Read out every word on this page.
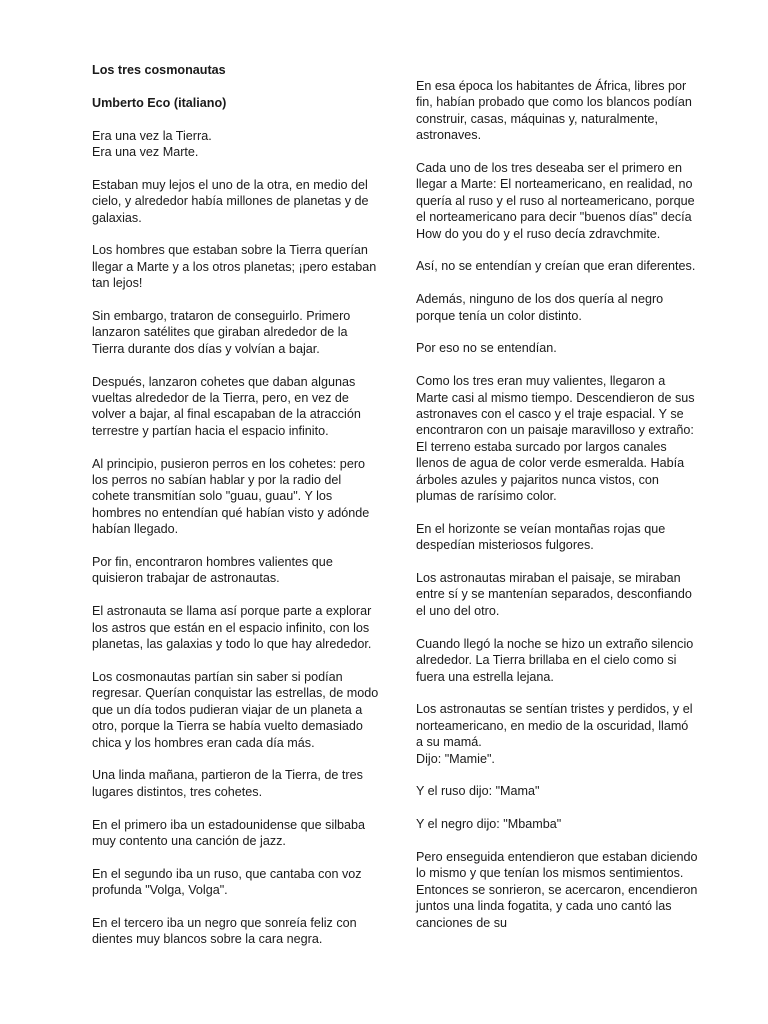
Los tres cosmonautas

Umberto Eco (italiano)

Era una vez la Tierra.
Era una vez Marte.

Estaban muy lejos el uno de la otra, en medio del cielo, y alrededor había millones de planetas y de galaxias.

Los hombres que estaban sobre la Tierra querían llegar a Marte y a los otros planetas; ¡pero estaban tan lejos!

Sin embargo, trataron de conseguirlo. Primero lanzaron satélites que giraban alrededor de la Tierra durante dos días y volvían a bajar.

Después, lanzaron cohetes que daban algunas vueltas alrededor de la Tierra, pero, en vez de volver a bajar, al final escapaban de la atracción terrestre y partían hacia el espacio infinito.

Al principio, pusieron perros en los cohetes: pero los perros no sabían hablar y por la radio del cohete transmitían solo "guau, guau". Y los hombres no entendían qué habían visto y adónde habían llegado.

Por fin, encontraron hombres valientes que quisieron trabajar de astronautas.

El astronauta se llama así porque parte a explorar los astros que están en el espacio infinito, con los planetas, las galaxias y todo lo que hay alrededor.

Los cosmonautas partían sin saber si podían regresar. Querían conquistar las estrellas, de modo que un día todos pudieran viajar de un planeta a otro, porque la Tierra se había vuelto demasiado chica y los hombres eran cada día más.

Una linda mañana, partieron de la Tierra, de tres lugares distintos, tres cohetes.

En el primero iba un estadounidense que silbaba muy contento una canción de jazz.

En el segundo iba un ruso, que cantaba con voz profunda "Volga, Volga".

En el tercero iba un negro que sonreía feliz con dientes muy blancos sobre la cara negra.

En esa época los habitantes de África, libres por fin, habían probado que como los blancos podían construir, casas, máquinas y, naturalmente, astronaves.

Cada uno de los tres deseaba ser el primero en llegar a Marte: El norteamericano, en realidad, no quería al ruso y el ruso al norteamericano, porque el norteamericano para decir "buenos días" decía How do you do y el ruso decía zdravchmite.

Así, no se entendían y creían que eran diferentes.

Además, ninguno de los dos quería al negro porque tenía un color distinto.

Por eso no se entendían.

Como los tres eran muy valientes, llegaron a Marte casi al mismo tiempo. Descendieron de sus astronaves con el casco y el traje espacial. Y se encontraron con un paisaje maravilloso y extraño: El terreno estaba surcado por largos canales llenos de agua de color verde esmeralda. Había árboles azules y pajaritos nunca vistos, con plumas de rarísimo color.

En el horizonte se veían montañas rojas que despedían misteriosos fulgores.

Los astronautas miraban el paisaje, se miraban entre sí y se mantenían separados, desconfiando el uno del otro.

Cuando llegó la noche se hizo un extraño silencio alrededor. La Tierra brillaba en el cielo como si fuera una estrella lejana.

Los astronautas se sentían tristes y perdidos, y el norteamericano, en medio de la oscuridad, llamó a su mamá.
Dijo: "Mamie".

Y el ruso dijo: "Mama"

Y el negro dijo: "Mbamba"

Pero enseguida entendieron que estaban diciendo lo mismo y que tenían los mismos sentimientos. Entonces se sonrieron, se acercaron, encendieron juntos una linda fogatita, y cada uno cantó las canciones de su
